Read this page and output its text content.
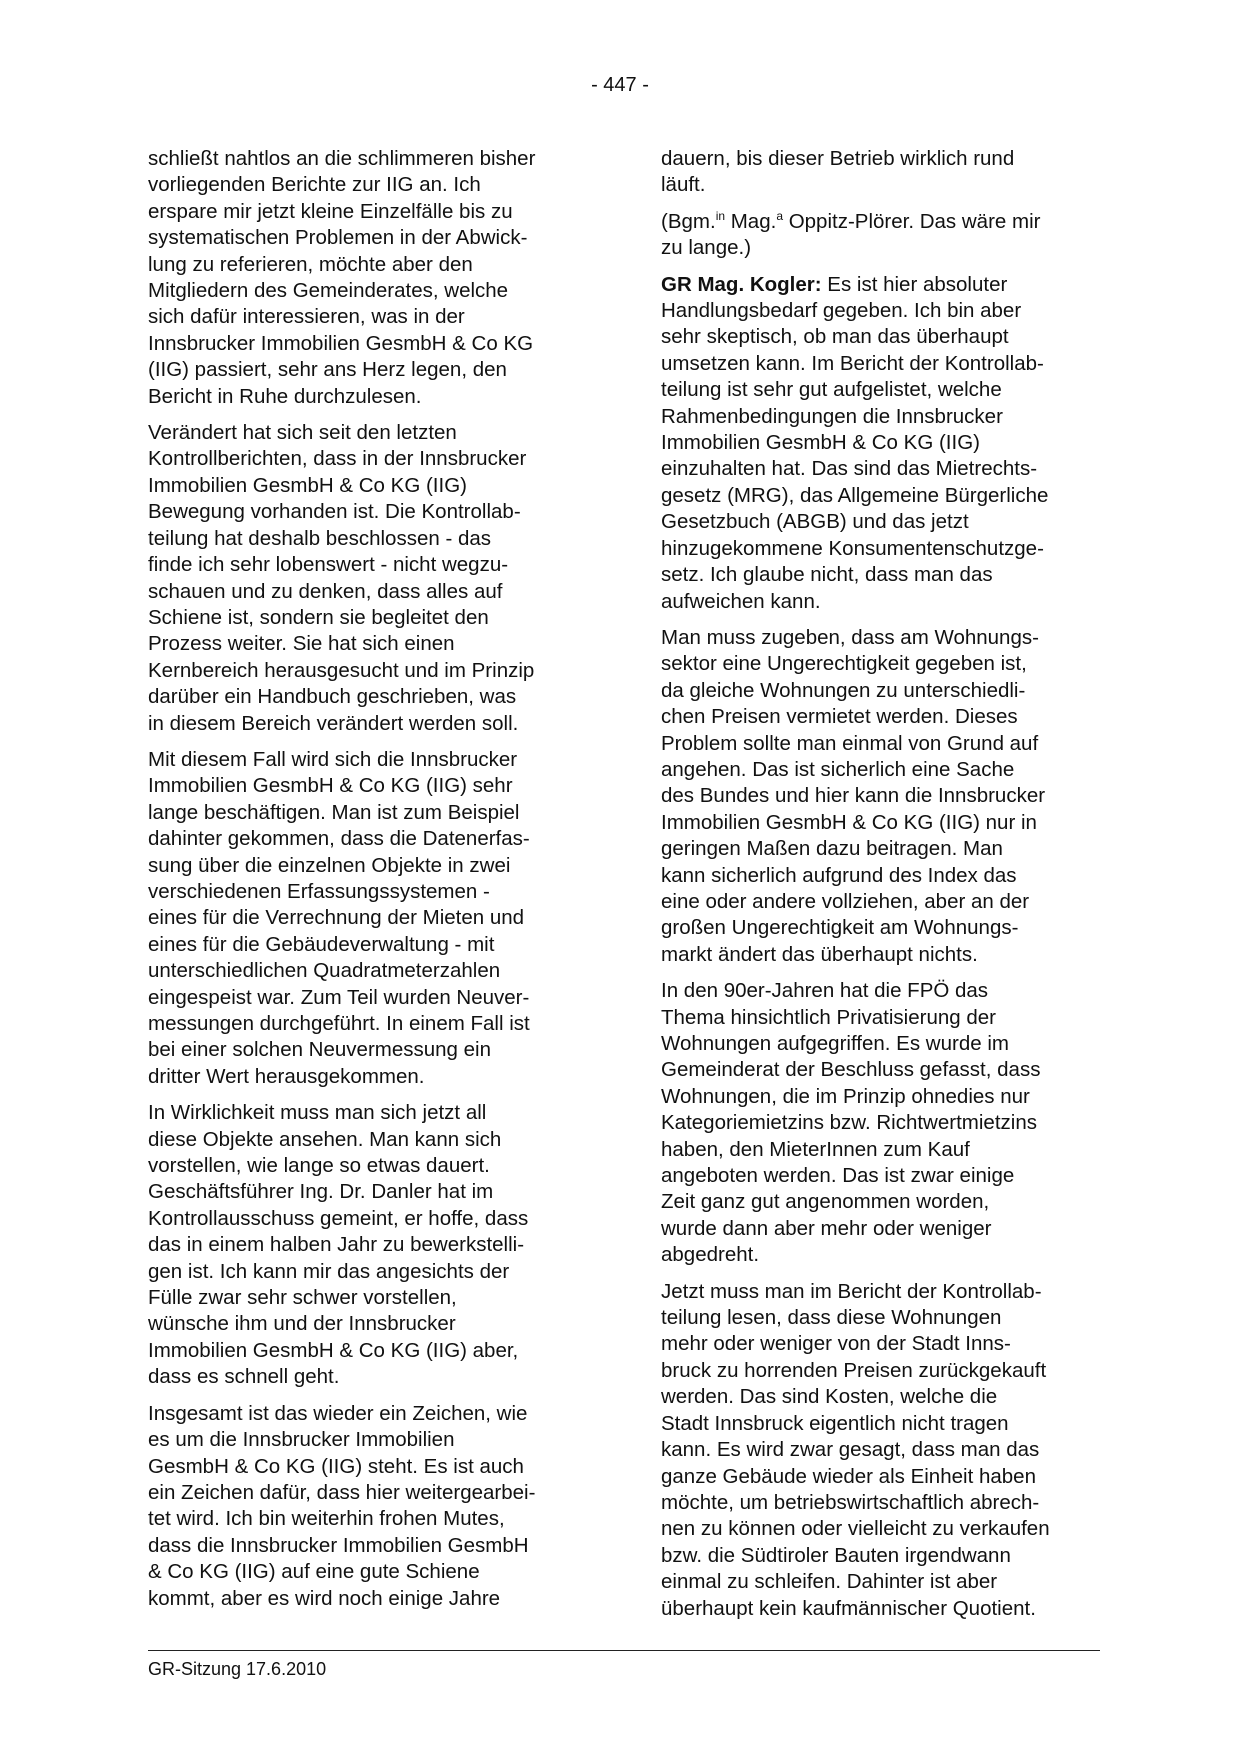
- 447 -

schließt nahtlos an die schlimmeren bisher
vorliegenden Berichte zur IIG an. Ich
erspare mir jetzt kleine Einzelfälle bis zu
systematischen Problemen in der Abwick-
lung zu referieren, möchte aber den
Mitgliedern des Gemeinderates, welche
sich dafür interessieren, was in der
Innsbrucker Immobilien GesmbH & Co KG
(IIG) passiert, sehr ans Herz legen, den
Bericht in Ruhe durchzulesen.

Verändert hat sich seit den letzten
Kontrollberichten, dass in der Innsbrucker
Immobilien GesmbH & Co KG (IIG)
Bewegung vorhanden ist. Die Kontrollab-
teilung hat deshalb beschlossen - das
finde ich sehr lobenswert - nicht wegzu-
schauen und zu denken, dass alles auf
Schiene ist, sondern sie begleitet den
Prozess weiter. Sie hat sich einen
Kernbereich herausgesucht und im Prinzip
darüber ein Handbuch geschrieben, was
in diesem Bereich verändert werden soll.

Mit diesem Fall wird sich die Innsbrucker
Immobilien GesmbH & Co KG (IIG) sehr
lange beschäftigen. Man ist zum Beispiel
dahinter gekommen, dass die Datenerfas-
sung über die einzelnen Objekte in zwei
verschiedenen Erfassungssystemen -
eines für die Verrechnung der Mieten und
eines für die Gebäudeverwaltung - mit
unterschiedlichen Quadratmeterzahlen
eingespeist war. Zum Teil wurden Neuver-
messungen durchgeführt. In einem Fall ist
bei einer solchen Neuvermessung ein
dritter Wert herausgekommen.

In Wirklichkeit muss man sich jetzt all
diese Objekte ansehen. Man kann sich
vorstellen, wie lange so etwas dauert.
Geschäftsführer Ing. Dr. Danler hat im
Kontrollausschuss gemeint, er hoffe, dass
das in einem halben Jahr zu bewerkstelli-
gen ist. Ich kann mir das angesichts der
Fülle zwar sehr schwer vorstellen,
wünsche ihm und der Innsbrucker
Immobilien GesmbH & Co KG (IIG) aber,
dass es schnell geht.

Insgesamt ist das wieder ein Zeichen, wie
es um die Innsbrucker Immobilien
GesmbH & Co KG (IIG) steht. Es ist auch
ein Zeichen dafür, dass hier weitergearbei-
tet wird. Ich bin weiterhin frohen Mutes,
dass die Innsbrucker Immobilien GesmbH
& Co KG (IIG) auf eine gute Schiene
kommt, aber es wird noch einige Jahre

dauern, bis dieser Betrieb wirklich rund
läuft.

(Bgm.$^{in}$ Mag.$^a$ Oppitz-Plörer. Das wäre mir
zu lange.)

GR Mag. Kogler: Es ist hier absoluter
Handlungsbedarf gegeben. Ich bin aber
sehr skeptisch, ob man das überhaupt
umsetzen kann. Im Bericht der Kontrollab-
teilung ist sehr gut aufgelistet, welche
Rahmenbedingungen die Innsbrucker
Immobilien GesmbH & Co KG (IIG)
einzuhalten hat. Das sind das Mietrechts-
gesetz (MRG), das Allgemeine Bürgerliche
Gesetzbuch (ABGB) und das jetzt
hinzugekommene Konsumentenschutzge-
setz. Ich glaube nicht, dass man das
aufweichen kann.

Man muss zugeben, dass am Wohnungs-
sektor eine Ungerechtigkeit gegeben ist,
da gleiche Wohnungen zu unterschiedli-
chen Preisen vermietet werden. Dieses
Problem sollte man einmal von Grund auf
angehen. Das ist sicherlich eine Sache
des Bundes und hier kann die Innsbrucker
Immobilien GesmbH & Co KG (IIG) nur in
geringen Maßen dazu beitragen. Man
kann sicherlich aufgrund des Index das
eine oder andere vollziehen, aber an der
großen Ungerechtigkeit am Wohnungs-
markt ändert das überhaupt nichts.

In den 90er-Jahren hat die FPÖ das
Thema hinsichtlich Privatisierung der
Wohnungen aufgegriffen. Es wurde im
Gemeinderat der Beschluss gefasst, dass
Wohnungen, die im Prinzip ohnedies nur
Kategoriemietzins bzw. Richtwertmietzins
haben, den MieterInnen zum Kauf
angeboten werden. Das ist zwar einige
Zeit ganz gut angenommen worden,
wurde dann aber mehr oder weniger
abgedreht.

Jetzt muss man im Bericht der Kontrollab-
teilung lesen, dass diese Wohnungen
mehr oder weniger von der Stadt Inns-
bruck zu horrenden Preisen zurückgekauft
werden. Das sind Kosten, welche die
Stadt Innsbruck eigentlich nicht tragen
kann. Es wird zwar gesagt, dass man das
ganze Gebäude wieder als Einheit haben
möchte, um betriebswirtschaftlich abrech-
nen zu können oder vielleicht zu verkaufen
bzw. die Südtiroler Bauten irgendwann
einmal zu schleifen. Dahinter ist aber
überhaupt kein kaufmännischer Quotient.

GR-Sitzung 17.6.2010
